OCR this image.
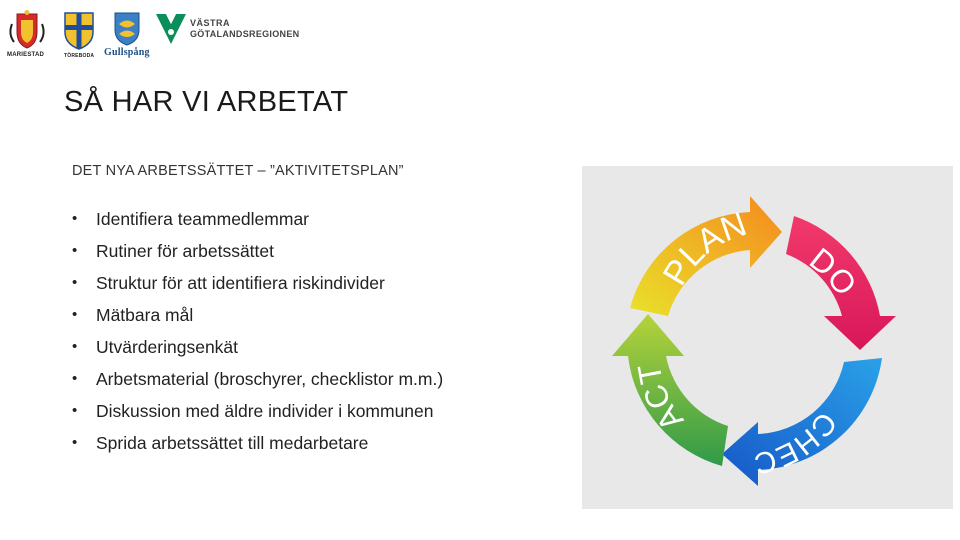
MARIESTAD	TÖREBODA Gullspång
VÄSTRA
GÖTALANDSREGIONEN
SÅ HAR VI ARBETAT
DET NYA ARBETSSÄTTET – ”AKTIVITETSPLAN”
• Identifiera teammedlemmar
• Rutiner för arbetssättet
• Struktur för att identifiera riskindivider
• Mätbara mål
• Utvärderingsenkät
• Arbetsmaterial (broschyrer, checklistor m.m.)
• Diskussion med äldre individer i kommunen
• Sprida arbetssättet till medarbetare
PLAN
DO
CHEC
ACT
